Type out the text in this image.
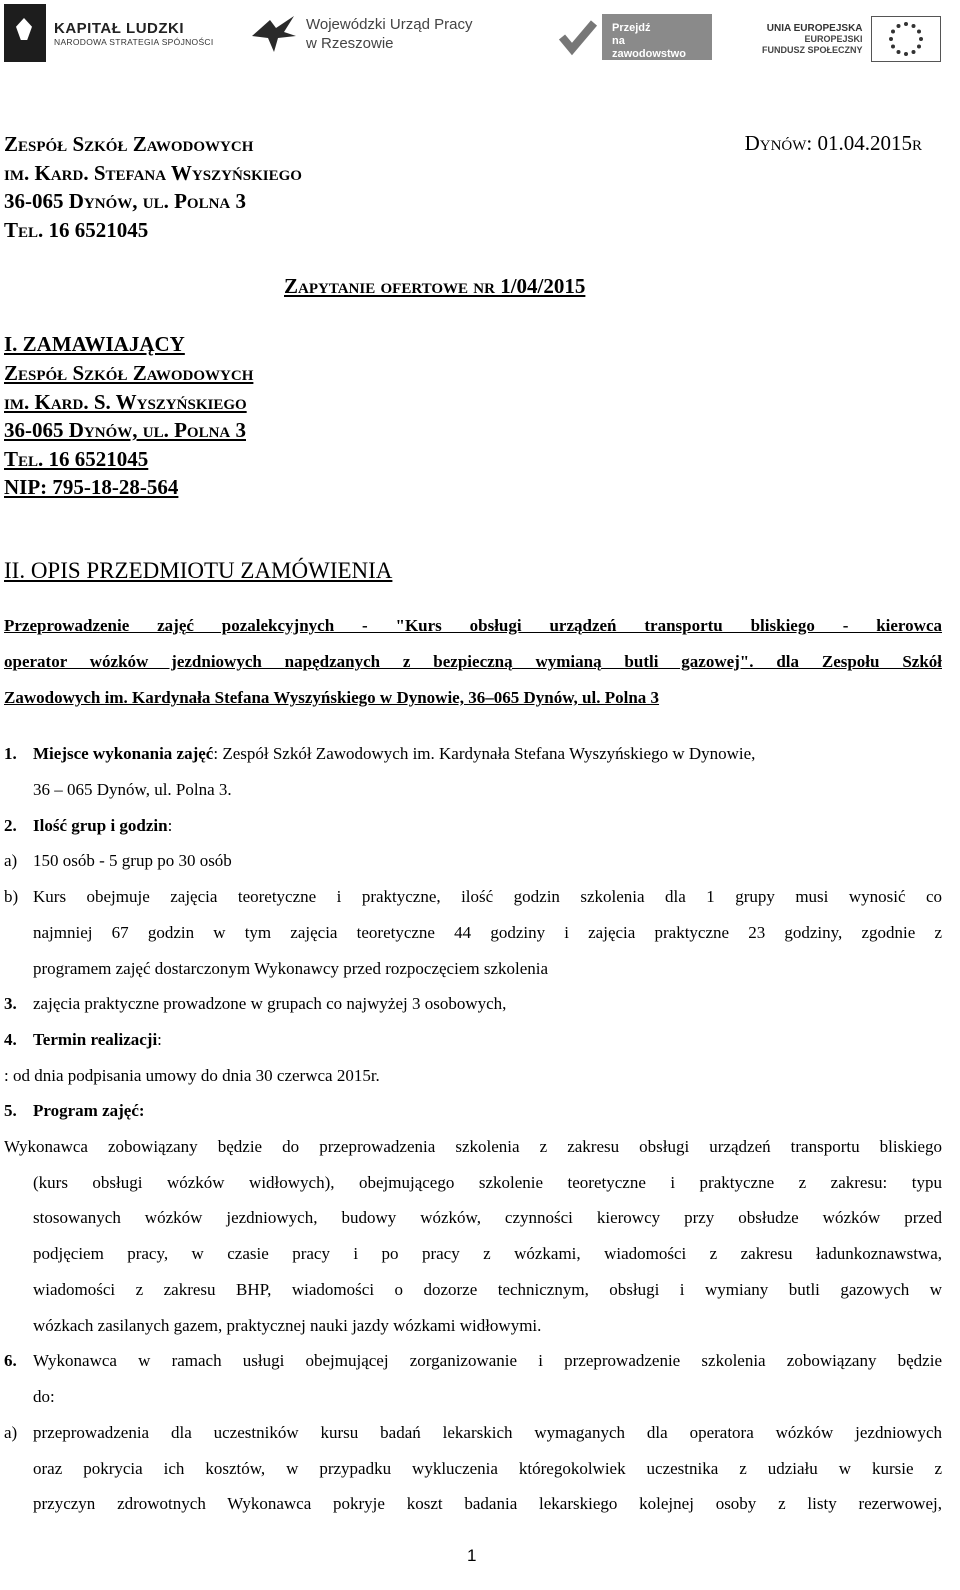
KAPITAŁ LUDZKI
NARODOWA STRATEGIA SPÓJNOŚCI
Wojewódzki Urząd Pracy
w Rzeszowie
Przejdź
na zawodowstwo
UNIA EUROPEJSKA
EUROPEJSKI
FUNDUSZ SPOŁECZNY
Zespół Szkół Zawodowych
im. Kard. Stefana Wyszyńskiego
36-065 Dynów, ul. Polna 3
Tel. 16 6521045
Dynów: 01.04.2015r
Zapytanie ofertowe nr 1/04/2015
I. ZAMAWIAJĄCY
Zespół Szkół Zawodowych
im. Kard. S. Wyszyńskiego
36-065 Dynów, ul. Polna 3
Tel. 16 6521045
NIP: 795-18-28-564
II. OPIS PRZEDMIOTU ZAMÓWIENIA
Przeprowadzenie zajęć pozalekcyjnych - "Kurs obsługi urządzeń transportu bliskiego - kierowca
operator wózków jezdniowych napędzanych z bezpieczną wymianą butli gazowej". dla Zespołu Szkół
Zawodowych im. Kardynała Stefana Wyszyńskiego w Dynowie, 36–065 Dynów, ul. Polna 3
1. Miejsce wykonania zajęć: Zespół Szkół Zawodowych im. Kardynała Stefana Wyszyńskiego w Dynowie,
36 – 065 Dynów, ul. Polna 3.
2. Ilość grup i godzin:
a) 150 osób - 5 grup po 30 osób
b) Kurs obejmuje zajęcia teoretyczne i praktyczne, ilość godzin szkolenia dla 1 grupy musi wynosić co
najmniej 67 godzin w tym zajęcia teoretyczne 44 godziny i zajęcia praktyczne 23 godziny, zgodnie z
programem zajęć dostarczonym Wykonawcy przed rozpoczęciem szkolenia
3. zajęcia praktyczne prowadzone w grupach co najwyżej 3 osobowych,
4. Termin realizacji:
: od dnia podpisania umowy do dnia 30 czerwca 2015r.
5. Program zajęć:
Wykonawca zobowiązany będzie do przeprowadzenia szkolenia z zakresu obsługi urządzeń transportu bliskiego
(kurs obsługi wózków widłowych), obejmującego szkolenie teoretyczne i praktyczne z zakresu: typu
stosowanych wózków jezdniowych, budowy wózków, czynności kierowcy przy obsłudze wózków przed
podjęciem pracy, w czasie pracy i po pracy z wózkami, wiadomości z zakresu ładunkoznawstwa,
wiadomości z zakresu BHP, wiadomości o dozorze technicznym, obsługi i wymiany butli gazowych w
wózkach zasilanych gazem, praktycznej nauki jazdy wózkami widłowymi.
6. Wykonawca w ramach usługi obejmującej zorganizowanie i przeprowadzenie szkolenia zobowiązany będzie
do:
a) przeprowadzenia dla uczestników kursu badań lekarskich wymaganych dla operatora wózków jezdniowych
oraz pokrycia ich kosztów, w przypadku wykluczenia któregokolwiek uczestnika z udziału w kursie z
przyczyn zdrowotnych Wykonawca pokryje koszt badania lekarskiego kolejnej osoby z listy rezerwowej,
1
